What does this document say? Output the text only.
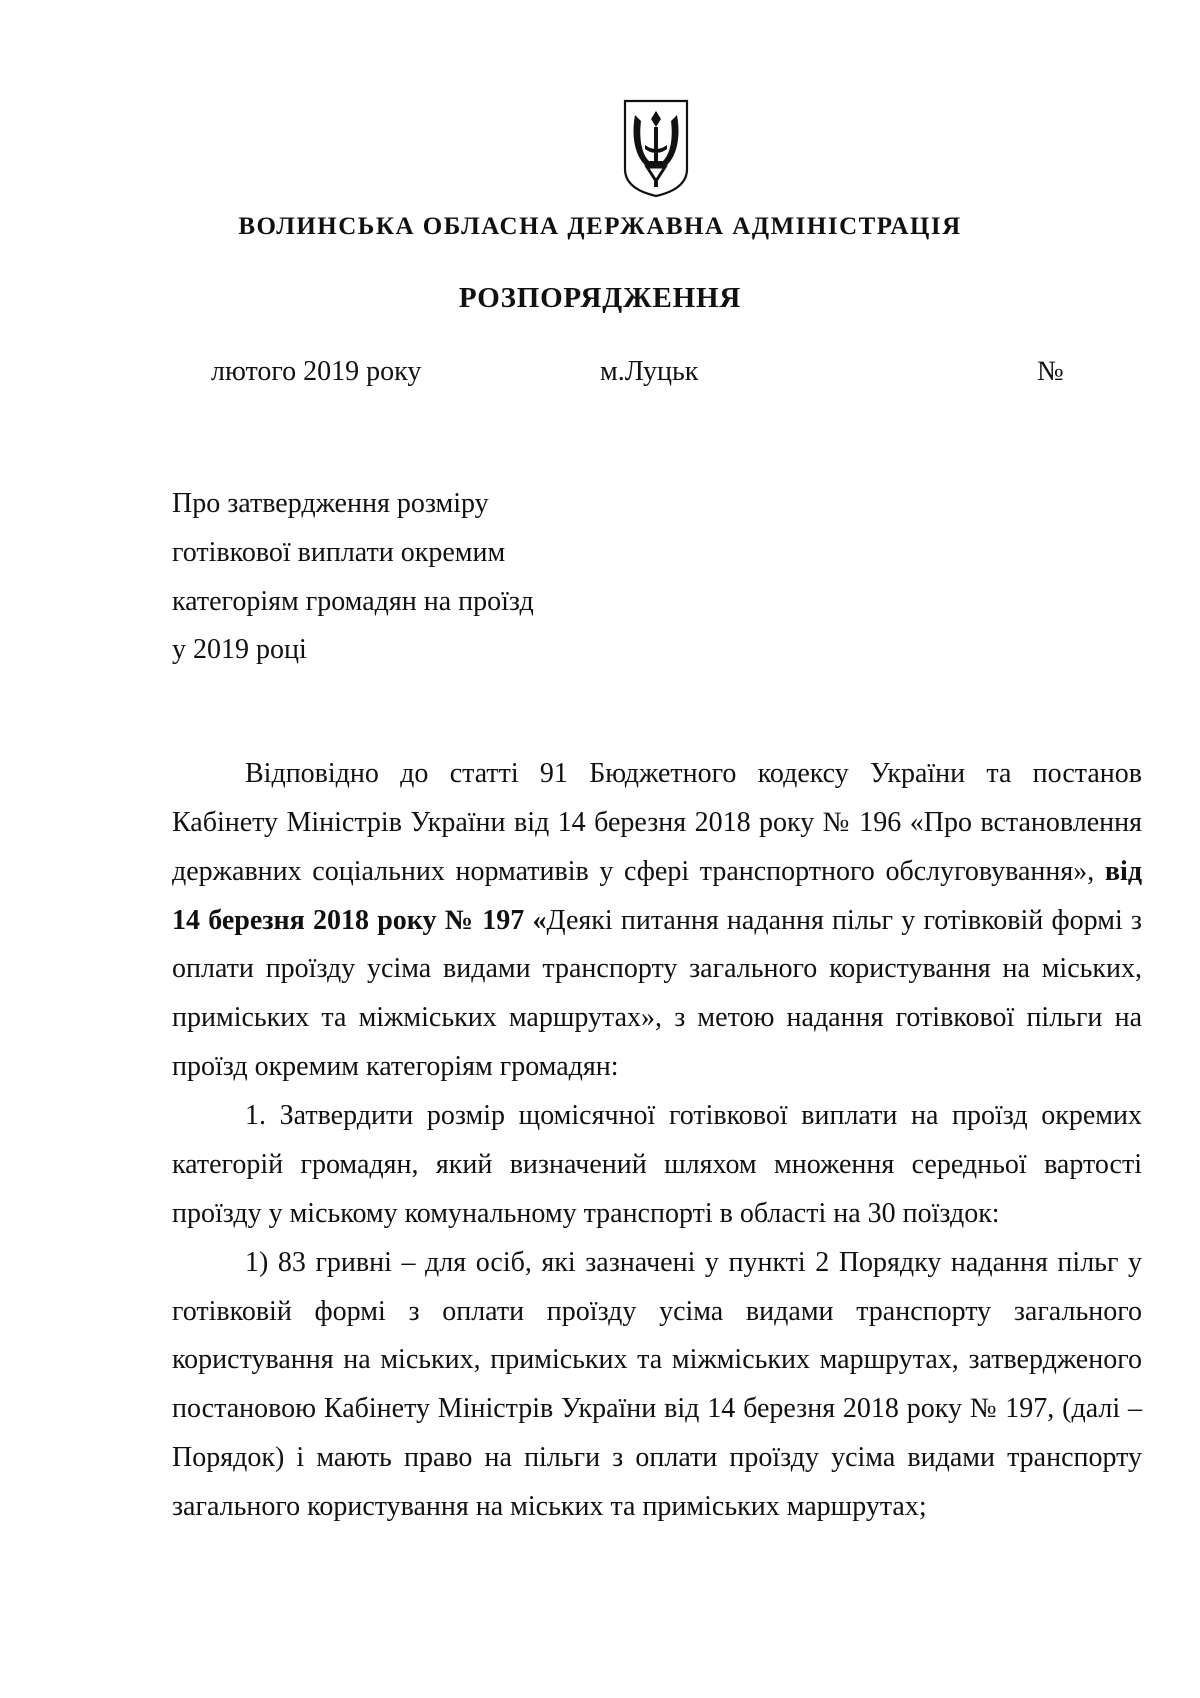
ВОЛИНСЬКА ОБЛАСНА ДЕРЖАВНА АДМІНІСТРАЦІЯ
РОЗПОРЯДЖЕННЯ
лютого 2019 року	м.Луцьк	№
Про затвердження розміру
готівкової виплати окремим
категоріям громадян на проїзд
у 2019 році
Відповідно до статті 91 Бюджетного кодексу України та постанов
Кабінету Міністрів України від 14 березня 2018 року № 196 «Про встановлення
державних соціальних нормативів у сфері транспортного обслуговування», від
14 березня 2018 року № 197 «Деякі питання надання пільг у готівковій формі з
оплати проїзду усіма видами транспорту загального користування на міських,
приміських та міжміських маршрутах», з метою надання готівкової пільги на
проїзд окремим категоріям громадян:
1. Затвердити розмір щомісячної готівкової виплати на проїзд окремих
категорій громадян, який визначений шляхом множення середньої вартості
проїзду у міському комунальному транспорті в області на 30 поїздок:
1) 83 гривні – для осіб, які зазначені у пункті 2 Порядку надання пільг у
готівковій формі з оплати проїзду усіма видами транспорту загального
користування на міських, приміських та міжміських маршрутах, затвердженого
постановою Кабінету Міністрів України від 14 березня 2018 року № 197, (далі –
Порядок) і мають право на пільги з оплати проїзду усіма видами транспорту
загального користування на міських та приміських маршрутах;
